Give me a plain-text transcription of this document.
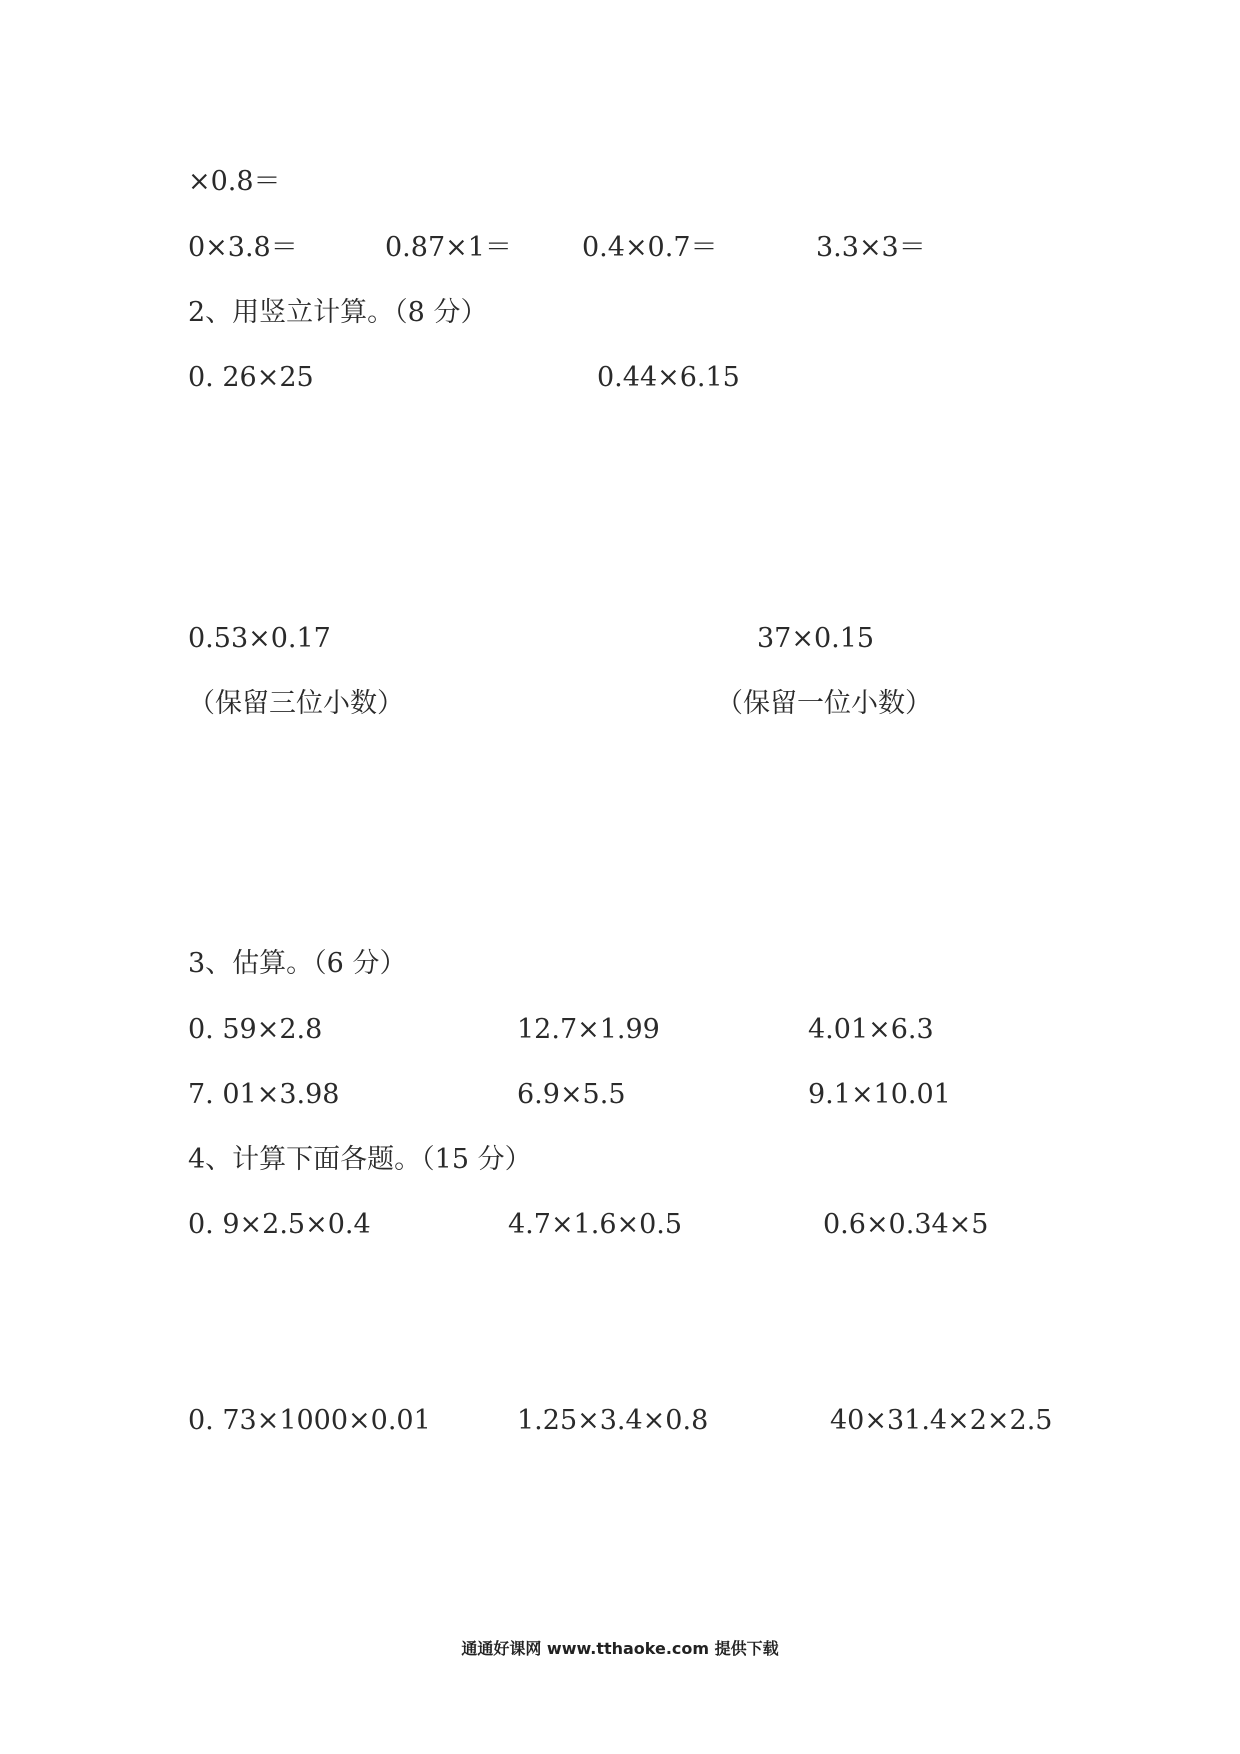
×0.8＝
0×3.8＝	0.87×1＝	0.4×0.7＝	3.3×3＝
2、用竖立计算。（8 分）
0. 26×25	0.44×6.15
0.53×0.17	37×0.15
（保留三位小数）	（保留一位小数）
3、估算。（6 分）
0. 59×2.8	12.7×1.99	4.01×6.3
7. 01×3.98	6.9×5.5	9.1×10.01
4、计算下面各题。（15 分）
0. 9×2.5×0.4	4.7×1.6×0.5	0.6×0.34×5
0. 73×1000×0.01	1.25×3.4×0.8	40×31.4×2×2.5
通通好课网 www.tthaoke.com 提供下载
